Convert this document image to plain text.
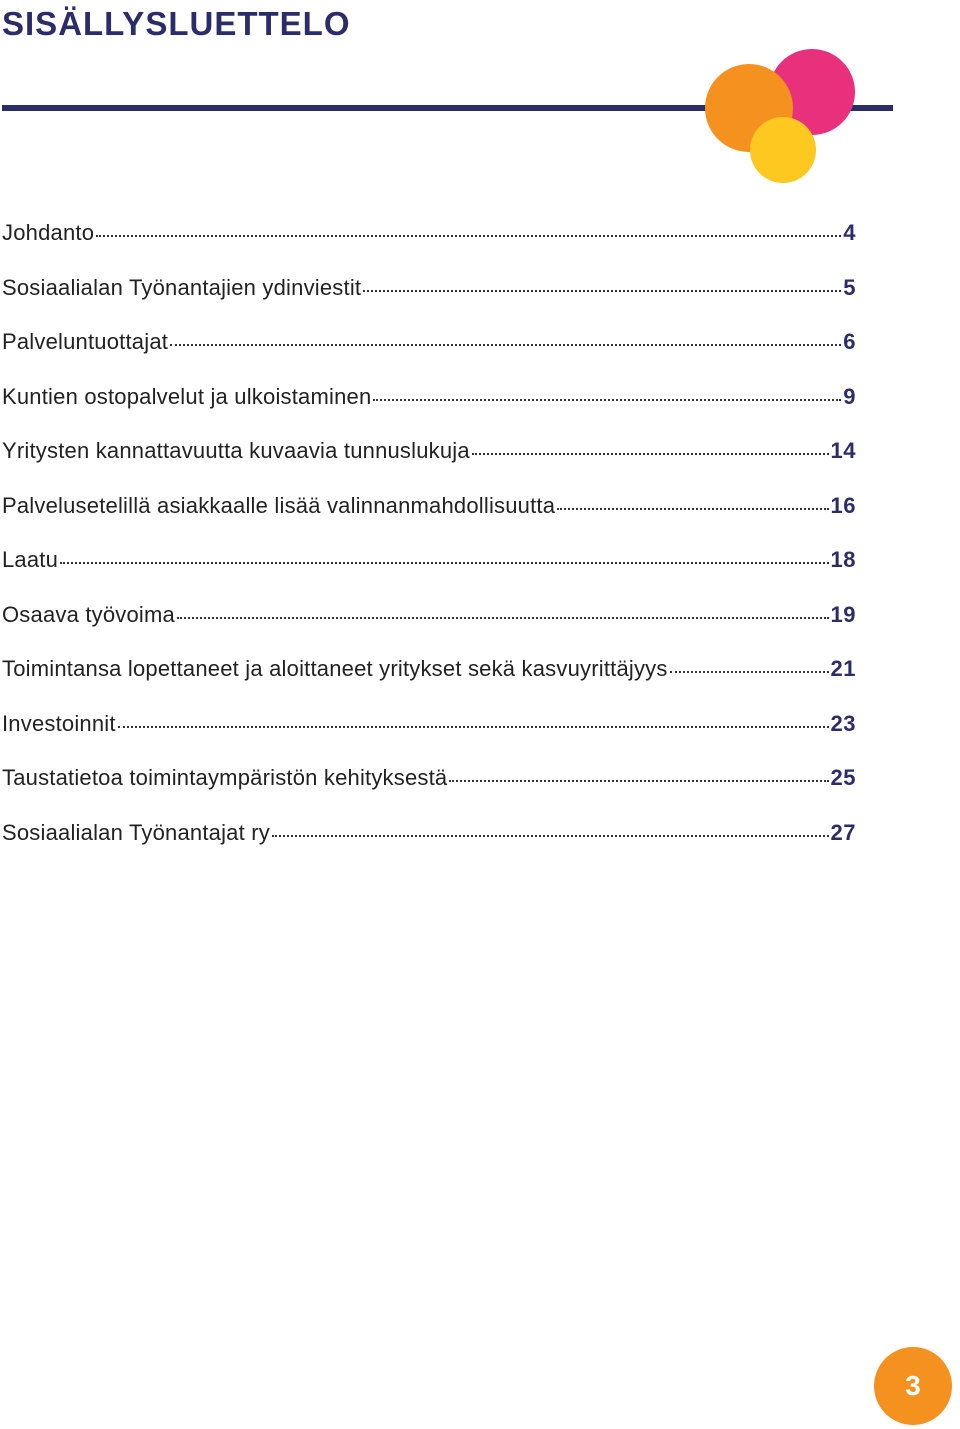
SISÄLLYSLUETTELO
Johdanto	4
Sosiaalialan Työnantajien ydinviestit	5
Palveluntuottajat	6
Kuntien ostopalvelut ja ulkoistaminen	9
Yritysten kannattavuutta kuvaavia tunnuslukuja	14
Palvelusetelillä asiakkaalle lisää valinnanmahdollisuutta	16
Laatu	18
Osaava työvoima	19
Toimintansa lopettaneet ja aloittaneet yritykset sekä kasvuyrittäjyys	21
Investoinnit	23
Taustatietoa toimintaympäristön kehityksestä	25
Sosiaalialan Työnantajat ry	27
3
